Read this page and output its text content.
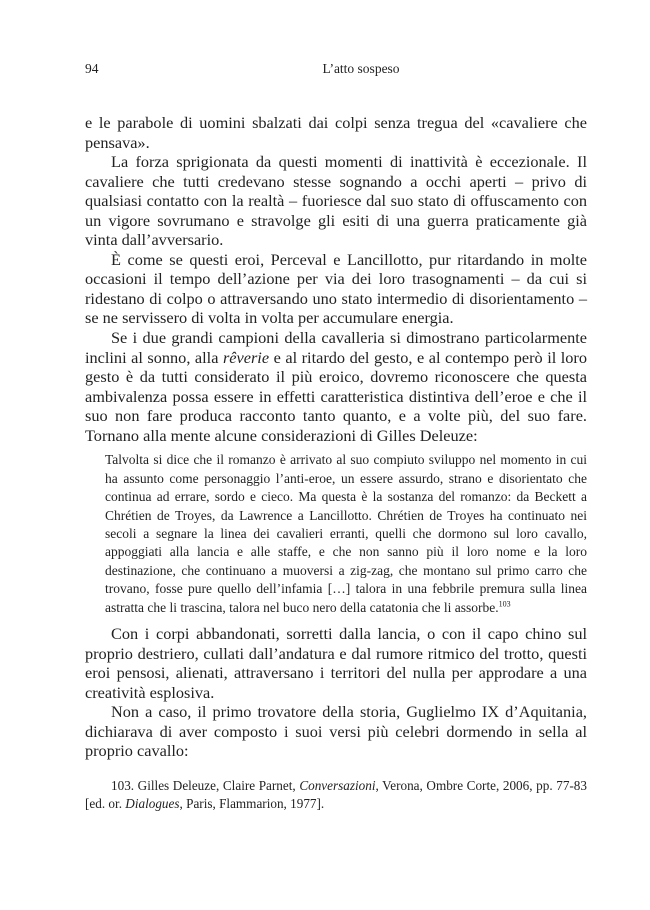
94	L’atto sospeso

e le parabole di uomini sbalzati dai colpi senza tregua del «cavaliere che pensava».

La forza sprigionata da questi momenti di inattività è eccezionale. Il cavaliere che tutti credevano stesse sognando a occhi aperti – privo di qualsiasi contatto con la realtà – fuoriesce dal suo stato di offuscamento con un vigore sovrumano e stravolge gli esiti di una guerra praticamente già vinta dall’avversario.

È come se questi eroi, Perceval e Lancillotto, pur ritardando in molte occasioni il tempo dell’azione per via dei loro trasognamenti – da cui si ridestano di colpo o attraversando uno stato intermedio di disorientamento – se ne servissero di volta in volta per accumulare energia.

Se i due grandi campioni della cavalleria si dimostrano particolarmente inclini al sonno, alla rêverie e al ritardo del gesto, e al contempo però il loro gesto è da tutti considerato il più eroico, dovremo riconoscere che questa ambivalenza possa essere in effetti caratteristica distintiva dell’eroe e che il suo non fare produca racconto tanto quanto, e a volte più, del suo fare. Tornano alla mente alcune considerazioni di Gilles Deleuze:

Talvolta si dice che il romanzo è arrivato al suo compiuto sviluppo nel momento in cui ha assunto come personaggio l’anti-eroe, un essere assurdo, strano e disorientato che continua ad errare, sordo e cieco. Ma questa è la sostanza del romanzo: da Beckett a Chrétien de Troyes, da Lawrence a Lancillotto. Chrétien de Troyes ha continuato nei secoli a segnare la linea dei cavalieri erranti, quelli che dormono sul loro cavallo, appoggiati alla lancia e alle staffe, e che non sanno più il loro nome e la loro destinazione, che continuano a muoversi a zig-zag, che montano sul primo carro che trovano, fosse pure quello dell’infamia […] talora in una febbrile premura sulla linea astratta che li trascina, talora nel buco nero della catatonia che li assorbe.$^{103}$

Con i corpi abbandonati, sorretti dalla lancia, o con il capo chino sul proprio destriero, cullati dall’andatura e dal rumore ritmico del trotto, questi eroi pensosi, alienati, attraversano i territori del nulla per approdare a una creatività esplosiva.

Non a caso, il primo trovatore della storia, Guglielmo IX d’Aquitania, dichiarava di aver composto i suoi versi più celebri dormendo in sella al proprio cavallo:

103. Gilles Deleuze, Claire Parnet, Conversazioni, Verona, Ombre Corte, 2006, pp. 77-83 [ed. or. Dialogues, Paris, Flammarion, 1977].
